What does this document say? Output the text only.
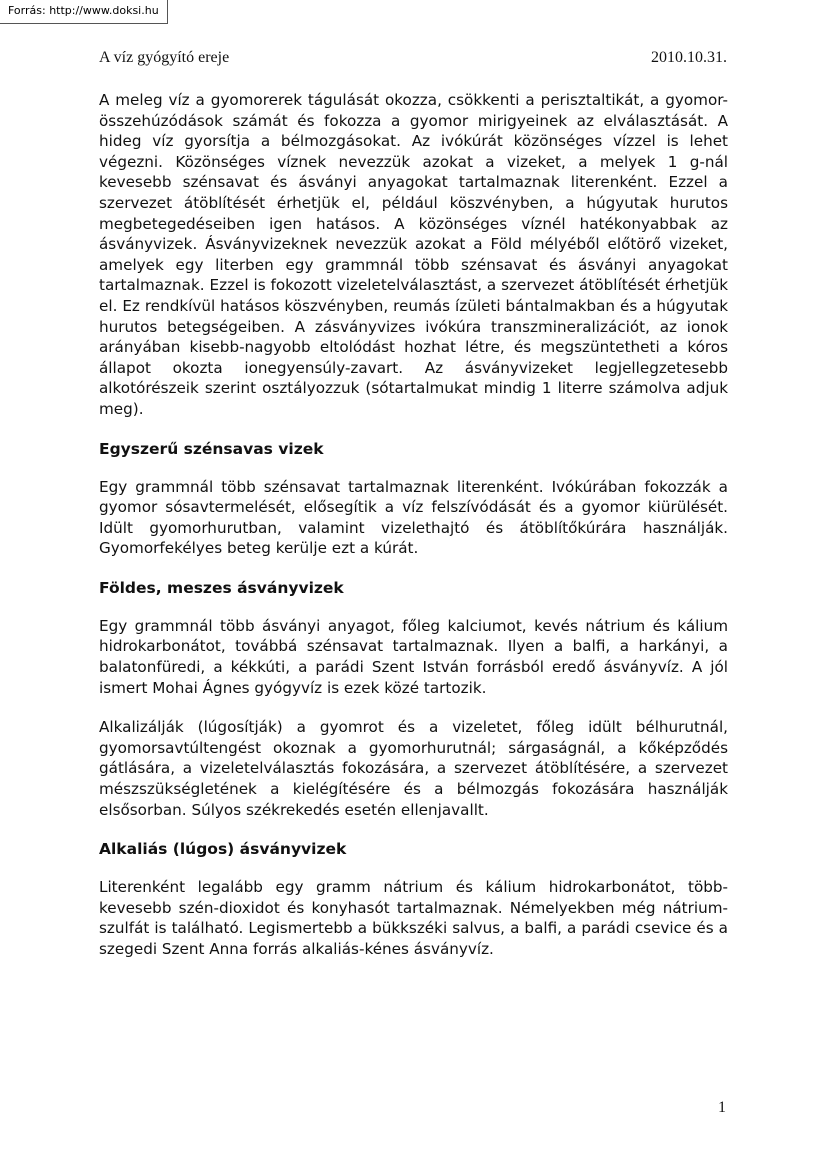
Forrás: http://www.doksi.hu
A víz gyógyító ereje	2010.10.31.

A meleg víz a gyomorerek tágulását okozza, csökkenti a perisztaltikát, a gyomor-összehúzódások számát és fokozza a gyomor mirigyeinek az elválasztását. A hideg víz gyorsítja a bélmozgásokat. Az ivókúrát közönséges vízzel is lehet végezni. Közönséges víznek nevezzük azokat a vizeket, a melyek 1 g-nál kevesebb szénsavat és ásványi anyagokat tartalmaznak literenként. Ezzel a szervezet átöblítését érhetjük el, például köszvényben, a húgyutak hurutos megbetegedéseiben igen hatásos. A közönséges víznél hatékonyabbak az ásványvizek. Ásványvizeknek nevezzük azokat a Föld mélyéből előtörő vizeket, amelyek egy literben egy grammnál több szénsavat és ásványi anyagokat tartalmaznak. Ezzel is fokozott vizeletelválasztást, a szervezet átöblítését érhetjük el. Ez rendkívül hatásos köszvényben, reumás ízületi bántalmakban és a húgyutak hurutos betegségeiben. A zásványvizes ivókúra transzmineralizációt, az ionok arányában kisebb-nagyobb eltolódást hozhat létre, és megszüntetheti a kóros állapot okozta ionegyensúly-zavart. Az ásványvizeket legjellegzetesebb alkotórészeik szerint osztályozzuk (sótartalmukat mindig 1 literre számolva adjuk meg).

Egyszerű szénsavas vizek

Egy grammnál több szénsavat tartalmaznak literenként. Ivókúrában fokozzák a gyomor sósavtermelését, elősegítik a víz felszívódását és a gyomor kiürülését. Idült gyomorhurutban, valamint vizelethajtó és átöblítőkúrára használják. Gyomorfekélyes beteg kerülje ezt a kúrát.

Földes, meszes ásványvizek

Egy grammnál több ásványi anyagot, főleg kalciumot, kevés nátrium és kálium hidrokarbonátot, továbbá szénsavat tartalmaznak. Ilyen a balfi, a harkányi, a balatonfüredi, a kékkúti, a parádi Szent István forrásból eredő ásványvíz. A jól ismert Mohai Ágnes gyógyvíz is ezek közé tartozik.

Alkalizálják (lúgosítják) a gyomrot és a vizeletet, főleg idült bélhurutnál, gyomorsavtúltengést okoznak a gyomorhurutnál; sárgaságnál, a kőképződés gátlására, a vizeletelválasztás fokozására, a szervezet átöblítésére, a szervezet mészszükségletének a kielégítésére és a bélmozgás fokozására használják elsősorban. Súlyos székrekedés esetén ellenjavallt.

Alkaliás (lúgos) ásványvizek

Literenként legalább egy gramm nátrium és kálium hidrokarbonátot, több-kevesebb szén-dioxidot és konyhasót tartalmaznak. Némelyekben még nátrium-szulfát is található. Legismertebb a bükkszéki salvus, a balfi, a parádi csevice és a szegedi Szent Anna forrás alkaliás-kénes ásványvíz.

1
